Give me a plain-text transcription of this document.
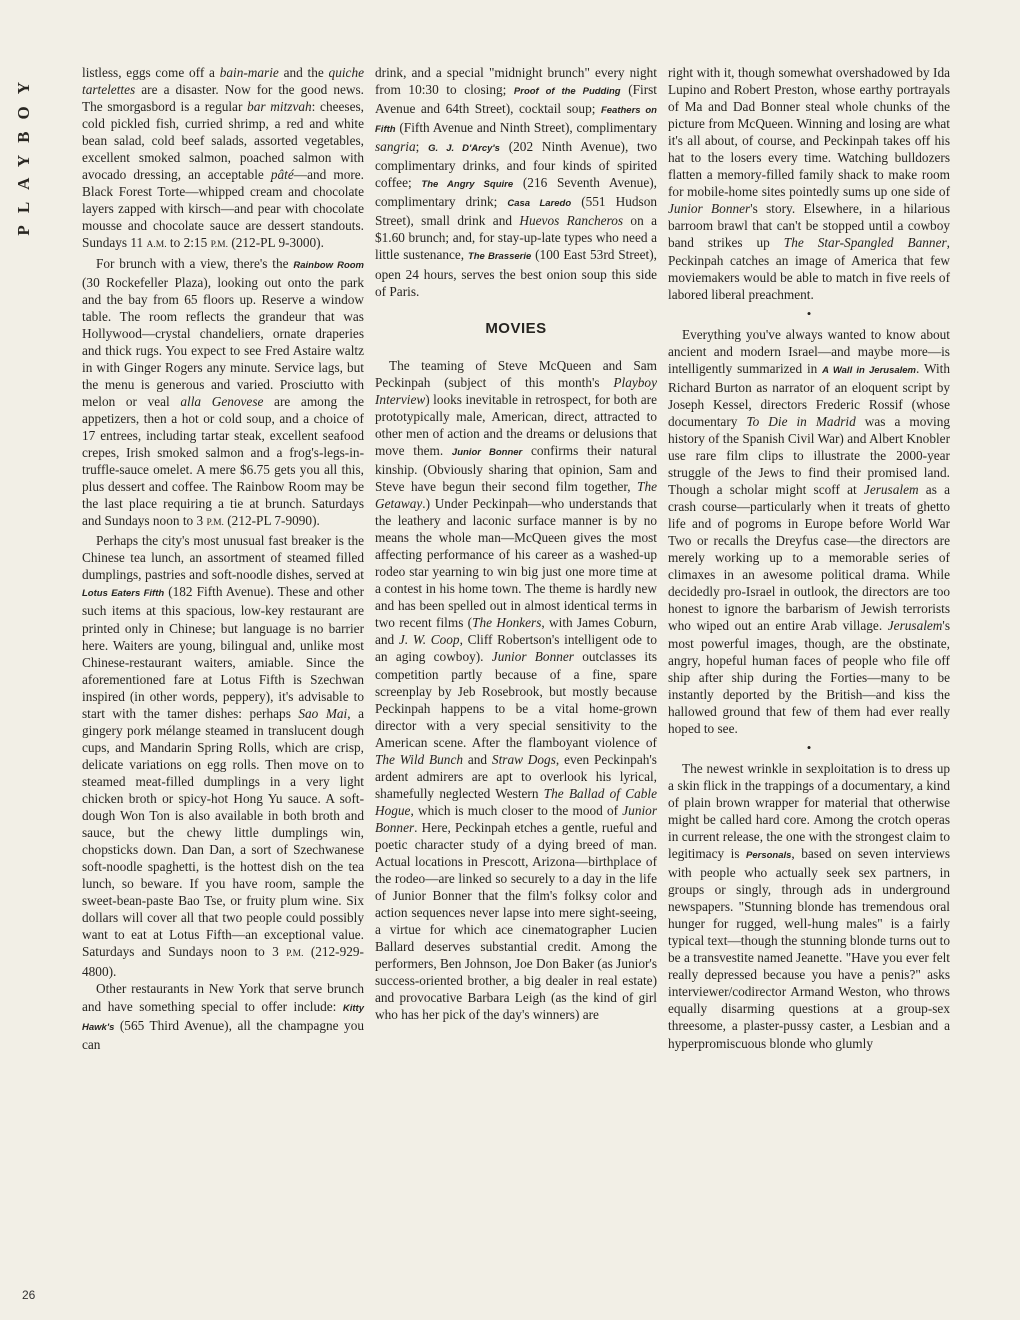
PLAYBOY	listless, eggs come off a bain-marie and the quiche tartelettes are a disaster. Now for the good news. The smorgasbord is a regular bar mitzvah: cheeses, cold pickled fish, curried shrimp, a red and white bean salad, cold beef salads, assorted vegetables, excellent smoked salmon, poached salmon with avocado dressing, an acceptable pâté—and more. Black Forest Torte—whipped cream and chocolate layers zapped with kirsch—and pear with chocolate mousse and chocolate sauce are dessert standouts. Sundays 11 A.M. to 2:15 P.M. (212-PL 9-3000).

For brunch with a view, there's the Rainbow Room (30 Rockefeller Plaza), looking out onto the park and the bay from 65 floors up. Reserve a window table. The room reflects the grandeur that was Hollywood—crystal chandeliers, ornate draperies and thick rugs. You expect to see Fred Astaire waltz in with Ginger Rogers any minute. Service lags, but the menu is generous and varied. Prosciutto with melon or veal alla Genovese are among the appetizers, then a hot or cold soup, and a choice of 17 entrees, including tartar steak, excellent seafood crepes, Irish smoked salmon and a frog's-legs-in-truffle-sauce omelet. A mere $6.75 gets you all this, plus dessert and coffee. The Rainbow Room may be the last place requiring a tie at brunch. Saturdays and Sundays noon to 3 P.M. (212-PL 7-9090).

Perhaps the city's most unusual fast breaker is the Chinese tea lunch, an assortment of steamed filled dumplings, pastries and soft-noodle dishes, served at Lotus Eaters Fifth (182 Fifth Avenue). These and other such items at this spacious, low-key restaurant are printed only in Chinese; but language is no barrier here. Waiters are young, bilingual and, unlike most Chinese-restaurant waiters, amiable. Since the aforementioned fare at Lotus Fifth is Szechwan inspired (in other words, peppery), it's advisable to start with the tamer dishes: perhaps Sao Mai, a gingery pork mélange steamed in translucent dough cups, and Mandarin Spring Rolls, which are crisp, delicate variations on egg rolls. Then move on to steamed meat-filled dumplings in a very light chicken broth or spicy-hot Hong Yu sauce. A soft-dough Won Ton is also available in both broth and sauce, but the chewy little dumplings win, chopsticks down. Dan Dan, a sort of Szechwanese soft-noodle spaghetti, is the hottest dish on the tea lunch, so beware. If you have room, sample the sweet-bean-paste Bao Tse, or fruity plum wine. Six dollars will cover all that two people could possibly want to eat at Lotus Fifth—an exceptional value. Saturdays and Sundays noon to 3 P.M. (212-929-4800).

Other restaurants in New York that serve brunch and have something special to offer include: Kitty Hawk's (565 Third Avenue), all the champagne you can

drink, and a special "midnight brunch" every night from 10:30 to closing; Proof of the Pudding (First Avenue and 64th Street), cocktail soup; Feathers on Fifth (Fifth Avenue and Ninth Street), complimentary sangria; G. J. D'Arcy's (202 Ninth Avenue), two complimentary drinks, and four kinds of spirited coffee; The Angry Squire (216 Seventh Avenue), complimentary drink; Casa Laredo (551 Hudson Street), small drink and Huevos Rancheros on a $1.60 brunch; and, for stay-up-late types who need a little sustenance, The Brasserie (100 East 53rd Street), open 24 hours, serves the best onion soup this side of Paris.

MOVIES

The teaming of Steve McQueen and Sam Peckinpah (subject of this month's Playboy Interview) looks inevitable in retrospect, for both are prototypically male, American, direct, attracted to other men of action and the dreams or delusions that move them. Junior Bonner confirms their natural kinship. (Obviously sharing that opinion, Sam and Steve have begun their second film together, The Getaway.) Under Peckinpah—who understands that the leathery and laconic surface manner is by no means the whole man—McQueen gives the most affecting performance of his career as a washed-up rodeo star yearning to win big just one more time at a contest in his home town. The theme is hardly new and has been spelled out in almost identical terms in two recent films (The Honkers, with James Coburn, and J. W. Coop, Cliff Robertson's intelligent ode to an aging cowboy). Junior Bonner outclasses its competition partly because of a fine, spare screenplay by Jeb Rosebrook, but mostly because Peckinpah happens to be a vital home-grown director with a very special sensitivity to the American scene. After the flamboyant violence of The Wild Bunch and Straw Dogs, even Peckinpah's ardent admirers are apt to overlook his lyrical, shamefully neglected Western The Ballad of Cable Hogue, which is much closer to the mood of Junior Bonner. Here, Peckinpah etches a gentle, rueful and poetic character study of a dying breed of man. Actual locations in Prescott, Arizona—birthplace of the rodeo—are linked so securely to a day in the life of Junior Bonner that the film's folksy color and action sequences never lapse into mere sight-seeing, a virtue for which ace cinematographer Lucien Ballard deserves substantial credit. Among the performers, Ben Johnson, Joe Don Baker (as Junior's success-oriented brother, a big dealer in real estate) and provocative Barbara Leigh (as the kind of girl who has her pick of the day's winners) are

right with it, though somewhat overshadowed by Ida Lupino and Robert Preston, whose earthy portrayals of Ma and Dad Bonner steal whole chunks of the picture from McQueen. Winning and losing are what it's all about, of course, and Peckinpah takes off his hat to the losers every time. Watching bulldozers flatten a memory-filled family shack to make room for mobile-home sites pointedly sums up one side of Junior Bonner's story. Elsewhere, in a hilarious barroom brawl that can't be stopped until a cowboy band strikes up The Star-Spangled Banner, Peckinpah catches an image of America that few moviemakers would be able to match in five reels of labored liberal preachment.

•

Everything you've always wanted to know about ancient and modern Israel—and maybe more—is intelligently summarized in A Wall in Jerusalem. With Richard Burton as narrator of an eloquent script by Joseph Kessel, directors Frederic Rossif (whose documentary To Die in Madrid was a moving history of the Spanish Civil War) and Albert Knobler use rare film clips to illustrate the 2000-year struggle of the Jews to find their promised land. Though a scholar might scoff at Jerusalem as a crash course—particularly when it treats of ghetto life and of pogroms in Europe before World War Two or recalls the Dreyfus case—the directors are merely working up to a memorable series of climaxes in an awesome political drama. While decidedly pro-Israel in outlook, the directors are too honest to ignore the barbarism of Jewish terrorists who wiped out an entire Arab village. Jerusalem's most powerful images, though, are the obstinate, angry, hopeful human faces of people who file off ship after ship during the Forties—many to be instantly deported by the British—and kiss the hallowed ground that few of them had ever really hoped to see.

•

The newest wrinkle in sexploitation is to dress up a skin flick in the trappings of a documentary, a kind of plain brown wrapper for material that otherwise might be called hard core. Among the crotch operas in current release, the one with the strongest claim to legitimacy is Personals, based on seven interviews with people who actually seek sex partners, in groups or singly, through ads in underground newspapers. "Stunning blonde has tremendous oral hunger for rugged, well-hung males" is a fairly typical text—though the stunning blonde turns out to be a transvestite named Jeanette. "Have you ever felt really depressed because you have a penis?" asks interviewer/codirector Armand Weston, who throws equally disarming questions at a group-sex threesome, a plaster-pussy caster, a Lesbian and a hyperpromiscuous blonde who glumly

26
